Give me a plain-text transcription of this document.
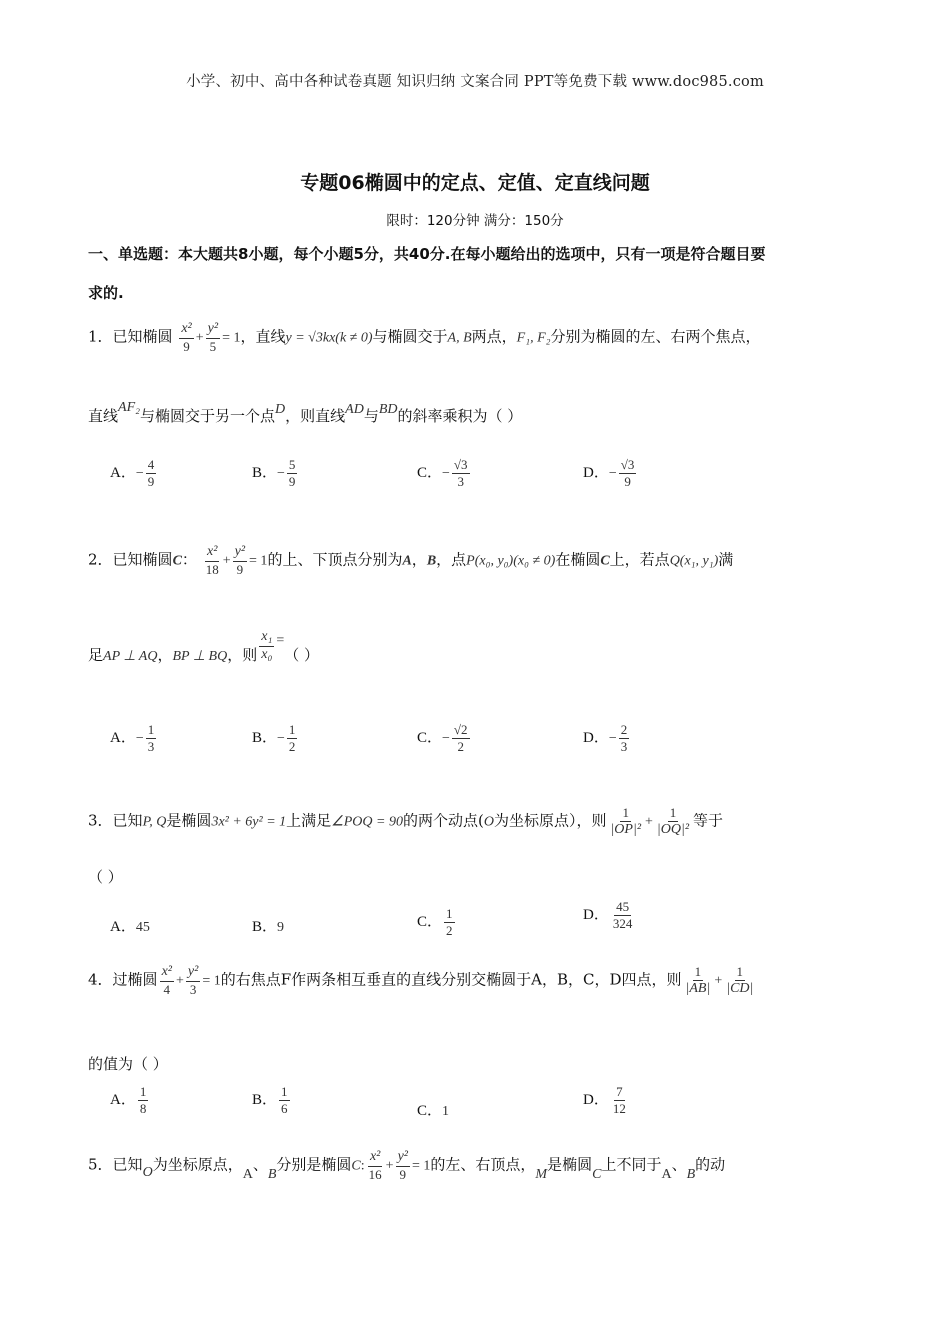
小学、初中、高中各种试卷真题 知识归纳 文案合同 PPT等免费下载 www.doc985.com
专题06椭圆中的定点、定值、定直线问题
限时：120分钟 满分：150分
一、单选题：本大题共8小题，每个小题5分，共40分.在每小题给出的选项中，只有一项是符合题目要
求的.
1．已知椭圆 $\frac{\text{x²}}{9} + \frac{\text{y²}}{5} = 1$，直线y = √3kx(k ≠ 0)与椭圆交于A, B两点，F₁, F₂分别为椭圆的左、右两个焦点，
直线AF₂与椭圆交于另一个点D，则直线AD与BD的斜率乘积为（ ）
A．− $\frac{4}{9}$	B．− $\frac{5}{9}$	C．− $\frac{√3}{3}$	D．− $\frac{√3}{9}$
2．已知椭圆C： $\frac{\text{x²}}{18} + \frac{\text{y²}}{9} = 1$的上、下顶点分别为A，B，点P(x₀, y₀)(x₀ ≠ 0)在椭圆C上，若点Q(x₁, y₁)满
足AP ⊥ AQ，BP ⊥ BQ，则 $\frac{\text{x₁}}{\text{x₀}}$ =（ ）
A．− $\frac{1}{3}$	B．− $\frac{1}{2}$	C．− $\frac{√2}{2}$	D．− $\frac{2}{3}$
3．已知P, Q是椭圆3x² + 6y² = 1上满足∠POQ = 90的两个动点(O为坐标原点），则 $\frac{1}{\text{|OP|²}} + \frac{1}{\text{|OQ|²}}$ 等于
（ ）
A．45	B．9	C． $\frac{1}{2}$	D． $\frac{45}{324}$
4．过椭圆 $\frac{\text{x²}}{4} + \frac{\text{y²}}{3} = 1$的右焦点F作两条相互垂直的直线分别交椭圆于A，B，C，D四点，则 $\frac{1}{|AB|} + \frac{1}{|CD|}$
的值为（ ）
A． $\frac{1}{8}$	B． $\frac{1}{6}$	C．1
D． $\frac{7}{12}$
5．已知O为坐标原点，A、B分别是椭圆C: $\frac{\text{x²}}{16} + \frac{\text{y²}}{9} = 1$的左、右顶点，M是椭圆C上不同于A、B的动
